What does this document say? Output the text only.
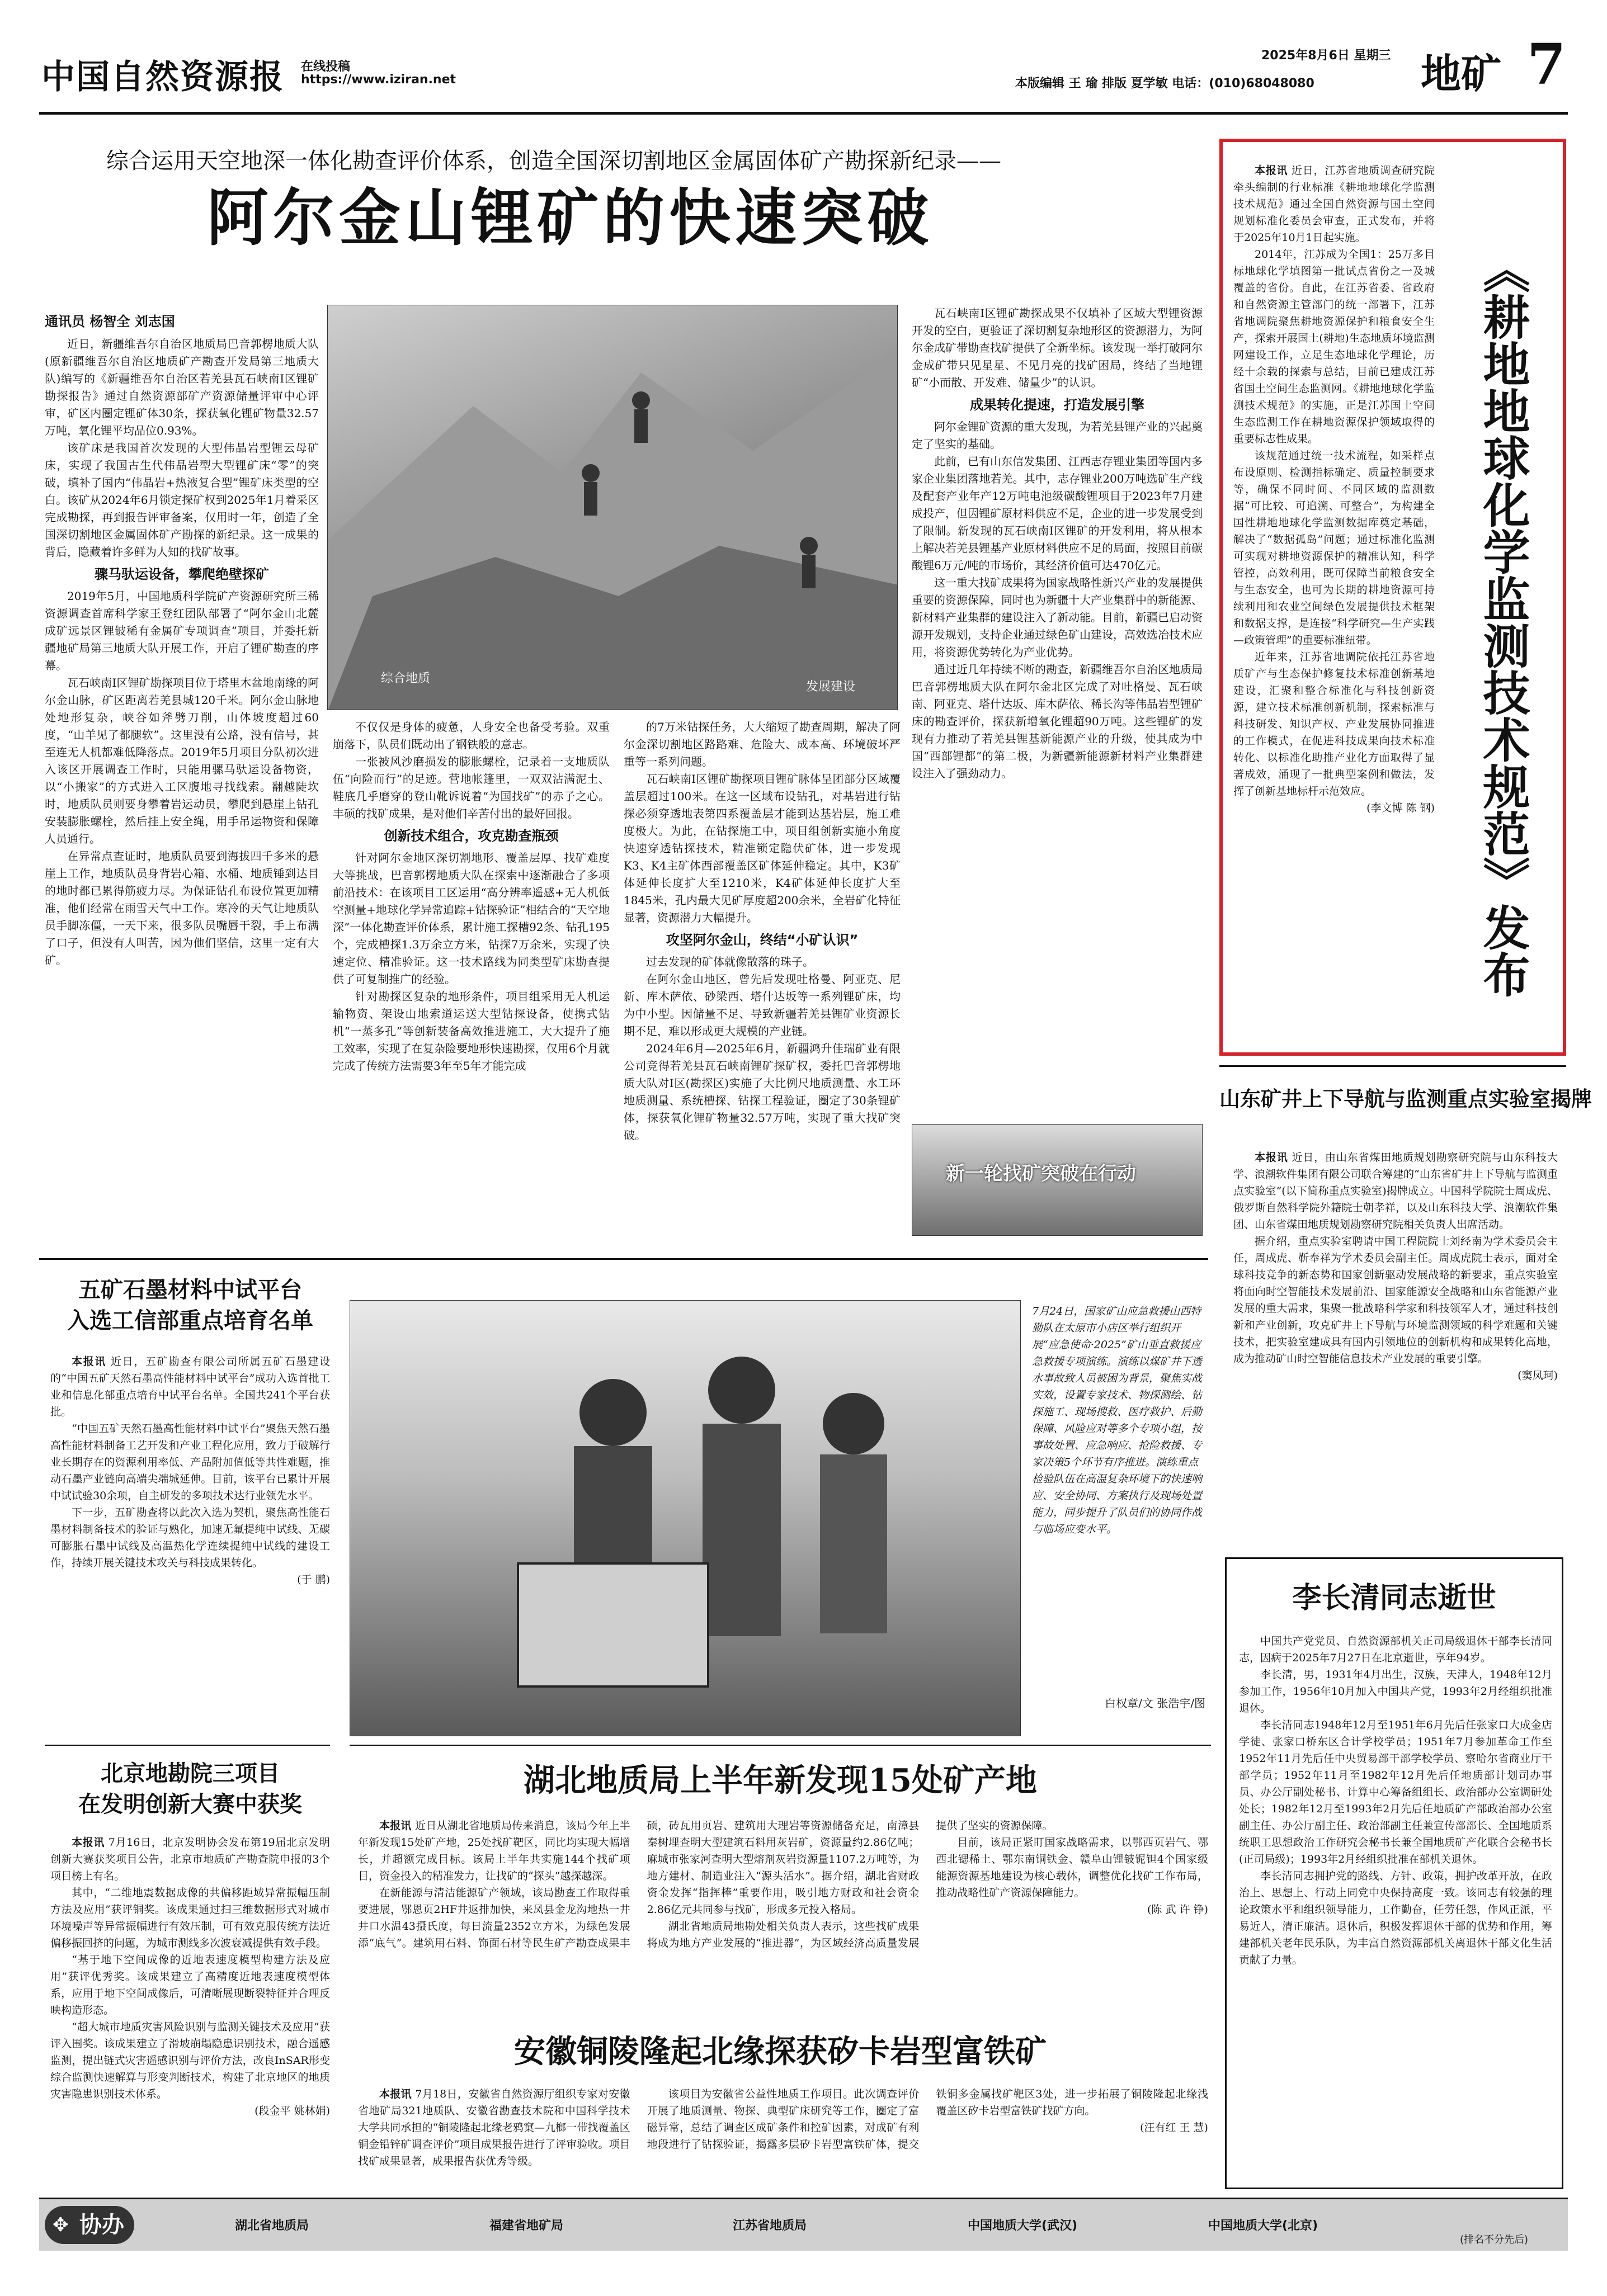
中国自然资源报 在线投稿
https://www.iziran.net
2025年8月6日 星期三
本版编辑 王 瑜 排版 夏学敏 电话：(010)68048080	地矿 7
综合运用天空地深一体化勘查评价体系，创造全国深切割地区金属固体矿产勘探新纪录——
阿尔金山锂矿的快速突破
通讯员 杨智全 刘志国
综合地质
发展建设

近日，新疆维吾尔自治区地质局巴音郭楞地质大队(原新疆维吾尔自治区地质矿产勘查开发局第三地质大队)编写的《新疆维吾尔自治区若羌县瓦石峡南Ⅰ区锂矿勘探报告》通过自然资源部矿产资源储量评审中心评审，矿区内圈定锂矿体30条，探获氧化锂矿物量32.57万吨，氧化锂平均品位0.93%。

该矿床是我国首次发现的大型伟晶岩型锂云母矿床，实现了我国古生代伟晶岩型大型锂矿床“零”的突破，填补了国内“伟晶岩+热液复合型”锂矿床类型的空白。该矿从2024年6月锁定探矿权到2025年1月着采区完成勘探，再到报告评审备案，仅用时一年，创造了全国深切割地区金属固体矿产勘探的新纪录。这一成果的背后，隐藏着许多鲜为人知的找矿故事。

骤马驮运设备，攀爬绝壁探矿

2019年5月，中国地质科学院矿产资源研究所三稀资源调查首席科学家王登红团队部署了“阿尔金山北麓成矿远景区锂铍稀有金属矿专项调查”项目，并委托新疆地矿局第三地质大队开展工作，开启了锂矿勘查的序幕。

瓦石峡南Ⅰ区锂矿勘探项目位于塔里木盆地南缘的阿尔金山脉，矿区距离若羌县城120千米。阿尔金山脉地处地形复杂，峡谷如斧劈刀削，山体坡度超过60度，“山羊见了都腿软”。这里没有公路，没有信号，甚至连无人机都难低降落点。2019年5月项目分队初次进入该区开展调查工作时，只能用骡马驮运设备物资，以“小搬家”的方式进入工区腹地寻找线索。翻越陡坎时，地质队员则要身攀着岩运动员，攀爬到悬崖上钻孔安装膨胀螺栓，然后挂上安全绳，用手吊运物资和保障人员通行。

在异常点查证时，地质队员要到海拔四千多米的悬崖上工作，地质队员身背岩心箱、水桶、地质锤到达目的地时都已累得筋疲力尽。为保证钻孔布设位置更加精准，他们经常在雨雪天气中工作。寒冷的天气让地质队员手脚冻僵，一天下来，很多队员嘴唇干裂，手上布满了口子，但没有人叫苦，因为他们坚信，这里一定有大矿。

不仅仅是身体的疲惫，人身安全也备受考验。双重崩落下，队员们既动出了钢铁般的意志。

一张被风沙磨损发的膨胀螺栓，记录着一支地质队伍“向险而行”的足迹。营地帐篷里，一双双沾满泥土、鞋底几乎磨穿的登山靴诉说着“为国找矿”的赤子之心。丰硕的找矿成果，是对他们辛苦付出的最好回报。

创新技术组合，攻克勘查瓶颈

针对阿尔金地区深切割地形、覆盖层厚、找矿难度大等挑战，巴音郭楞地质大队在探索中逐渐融合了多项前沿技术：在该项目工区运用“高分辨率遥感+无人机低空测量+地球化学异常追踪+钻探验证”相结合的“天空地深”一体化勘查评价体系，累计施工探槽92条、钻孔195个，完成槽探1.3万余立方米，钻探7万余米，实现了快速定位、精准验证。这一技术路线为同类型矿床勘查提供了可复制推广的经验。

针对勘探区复杂的地形条件，项目组采用无人机运输物资、架设山地索道运送大型钻探设备，使携式钻机“一蒸多孔”等创新装备高效推进施工，大大提升了施工效率，实现了在复杂险要地形快速勘探，仅用6个月就完成了传统方法需要3年至5年才能完成

的7万米钻探任务，大大缩短了勘查周期，解决了阿尔金深切割地区路路难、危险大、成本高、环境破坏严重等一系列问题。

瓦石峡南Ⅰ区锂矿勘探项目锂矿脉体呈团部分区域覆盖层超过100米。在这一区域布设钻孔，对基岩进行钻探必须穿透地表第四系覆盖层才能到达基岩层，施工难度极大。为此，在钻探施工中，项目组创新实施小角度快速穿透钻探技术，精准锁定隐伏矿体，进一步发现K3、K4主矿体西部覆盖区矿体延伸稳定。其中，K3矿体延伸长度扩大至1210米，K4矿体延伸长度扩大至1845米，孔内最大见矿厚度超200余米，全岩矿化特征显著，资源潜力大幅提升。

攻坚阿尔金山，终结“小矿认识”

过去发现的矿体就像散落的珠子。

在阿尔金山地区，曾先后发现吐格曼、阿亚克、尼新、库木萨依、砂梁西、塔什达坂等一系列锂矿床，均为中小型。因储量不足、导致新疆若羌县锂矿业资源长期不足，难以形成更大规模的产业链。

2024年6月—2025年6月，新疆鸿升佳瑞矿业有限公司竞得若羌县瓦石峡南锂矿探矿权，委托巴音郭楞地质大队对Ⅰ区(勘探区)实施了大比例尺地质测量、水工环地质测量、系统槽探、钻探工程验证，圈定了30条锂矿体，探获氧化锂矿物量32.57万吨，实现了重大找矿突破。

瓦石峡南Ⅰ区锂矿勘探成果不仅填补了区域大型锂资源开发的空白，更验证了深切割复杂地形区的资源潜力，为阿尔金成矿带勘查找矿提供了全新坐标。该发现一举打破阿尔金成矿带只见星星、不见月亮的找矿困局，终结了当地锂矿“小而散、开发难、储量少”的认识。

成果转化提速，打造发展引擎

阿尔金锂矿资源的重大发现，为若羌县锂产业的兴起奠定了坚实的基础。

此前，已有山东信发集团、江西志存锂业集团等国内多家企业集团落地若羌。其中，志存锂业200万吨选矿生产线及配套产业年产12万吨电池级碳酸锂项目于2023年7月建成投产，但因锂矿原材料供应不足，企业的进一步发展受到了限制。新发现的瓦石峡南Ⅰ区锂矿的开发利用，将从根本上解决若羌县锂基产业原材料供应不足的局面，按照目前碳酸锂6万元/吨的市场价，其经济价值可达470亿元。

这一重大找矿成果将为国家战略性新兴产业的发展提供重要的资源保障，同时也为新疆十大产业集群中的新能源、新材料产业集群的建设注入了新动能。目前，新疆已启动资源开发规划，支持企业通过绿色矿山建设，高效选冶技术应用，将资源优势转化为产业优势。

通过近几年持续不断的勘查，新疆维吾尔自治区地质局巴音郭楞地质大队在阿尔金北区完成了对吐格曼、瓦石峡南、阿亚克、塔什达坂、库木萨依、稀长沟等伟晶岩型锂矿床的勘查评价，探获新增氧化锂超90万吨。这些锂矿的发现有力推动了若羌县锂基新能源产业的升级，使其成为中国“西部锂都”的第二极，为新疆新能源新材料产业集群建设注入了强劲动力。

新一轮找矿突破在行动

本报讯 近日，江苏省地质调查研究院牵头编制的行业标准《耕地地球化学监测技术规范》通过全国自然资源与国土空间规划标准化委员会审查，正式发布，并将于2025年10月1日起实施。

2014年，江苏成为全国1：25万多目标地球化学填图第一批试点省份之一及城覆盖的省份。自此，在江苏省委、省政府和自然资源主管部门的统一部署下，江苏省地调院聚焦耕地资源保护和粮食安全生产，探索开展国土(耕地)生态地质环境监测网建设工作，立足生态地球化学理论，历经十余载的探索与总结，目前已建成江苏省国土空间生态监测网。《耕地地球化学监测技术规范》的实施，正是江苏国土空间生态监测工作在耕地资源保护领域取得的重要标志性成果。

该规范通过统一技术流程，如采样点布设原则、检测指标确定、质量控制要求等，确保不同时间、不同区域的监测数据“可比较、可追溯、可整合”，为构建全国性耕地地球化学监测数据库奠定基础，解决了“数据孤岛”问题；通过标准化监测可实现对耕地资源保护的精准认知，科学管控，高效利用，既可保障当前粮食安全与生态安全，也可为长期的耕地资源可持续利用和农业空间绿色发展提供技术框架和数据支撑，是连接“科学研究—生产实践—政策管理”的重要标准纽带。

近年来，江苏省地调院依托江苏省地质矿产与生态保护修复技术标准创新基地建设，汇聚和整合标准化与科技创新资源，建立技术标准创新机制，探索标准与科技研发、知识产权、产业发展协同推进的工作模式，在促进科技成果向技术标准转化、以标准化助推产业化方面取得了显著成效，涌现了一批典型案例和做法，发挥了创新基地标杆示范效应。

(李文博 陈 钢) 《耕地地球化学监测技术规范》发布
山东矿井上下导航与监测重点实验室揭牌

本报讯 近日，由山东省煤田地质规划勘察研究院与山东科技大学、浪潮软件集团有限公司联合筹建的“山东省矿井上下导航与监测重点实验室”(以下简称重点实验室)揭牌成立。中国科学院院士周成虎、俄罗斯自然科学院外籍院士朝孝祥，以及山东科技大学、浪潮软件集团、山东省煤田地质规划勘察研究院相关负责人出席活动。

据介绍，重点实验室聘请中国工程院院士刘经南为学术委员会主任，周成虎、靳奉祥为学术委员会副主任。周成虎院士表示，面对全球科技竞争的新态势和国家创新驱动发展战略的新要求，重点实验室将面向时空智能技术发展前沿、国家能源安全战略和山东省能源产业发展的重大需求，集聚一批战略科学家和科技领军人才，通过科技创新和产业创新，攻克矿井上下导航与环境监测领域的科学难题和关键技术，把实验室建成具有国内引领地位的创新机构和成果转化高地，成为推动矿山时空智能信息技术产业发展的重要引擎。

(窦凤珂)

李长清同志逝世

中国共产党党员、自然资源部机关正司局级退休干部李长清同志，因病于2025年7月27日在北京逝世，享年94岁。

李长清，男，1931年4月出生，汉族，天津人，1948年12月参加工作，1956年10月加入中国共产党，1993年2月经组织批准退休。

李长清同志1948年12月至1951年6月先后任张家口大成金店学徒、张家口桥东区合计学校学员；1951年7月参加革命工作至1952年11月先后任中央贸易部干部学校学员、察哈尔省商业厅干部学员；1952年11月至1982年12月先后任地质部计划司办事员、办公厅副处秘书、计算中心筹备组组长、政治部办公室调研处处长；1982年12月至1993年2月先后任地质矿产部政治部办公室副主任、办公厅副主任、政治部副主任兼宣传部部长、全国地质系统职工思想政治工作研究会秘书长兼全国地质矿产化联合会秘书长(正司局级)；1993年2月经组织批准在部机关退休。

李长清同志拥护党的路线、方针、政策，拥护改革开放，在政治上、思想上、行动上同党中央保持高度一致。该同志有较强的理论政策水平和组织领导能力，工作勤奋，任劳任怨，作风正派，平易近人，清正廉洁。退休后，积极发挥退休干部的优势和作用，筹建部机关老年民乐队，为丰富自然资源部机关离退休干部文化生活贡献了力量。

五矿石墨材料中试平台
入选工信部重点培育名单

本报讯 近日，五矿勘查有限公司所属五矿石墨建设的“中国五矿天然石墨高性能材料中试平台”成功入选首批工业和信息化部重点培育中试平台名单。全国共241个平台获批。

“中国五矿天然石墨高性能材料中试平台”聚焦天然石墨高性能材料制备工艺开发和产业工程化应用，致力于破解行业长期存在的资源利用率低、产品附加值低等共性难题，推动石墨产业链向高端尖端城延伸。目前，该平台已累计开展中试试验30余项，自主研发的多项技术达行业领先水平。

下一步，五矿勘查将以此次入选为契机，聚焦高性能石墨材料制备技术的验证与熟化，加速无氟提纯中试线、无碳可膨胀石墨中试线及高温热化学连续提纯中试线的建设工作，持续开展关键技术攻关与科技成果转化。

(于 鹏)

北京地勘院三项目
在发明创新大赛中获奖

本报讯 7月16日，北京发明协会发布第19届北京发明创新大赛获奖项目公告，北京市地质矿产勘查院申报的3个项目榜上有名。

其中，“二维地震数据成像的共偏移距域异常振幅压制方法及应用”获评铜奖。该成果通过扫三维数据形式对城市环境噪声等异常振幅进行有效压制，可有效克服传统方法近偏移振回挤的问题，为城市测线多次波衰减提供有效手段。

“基于地下空间成像的近地表速度模型构建方法及应用”获评优秀奖。该成果建立了高精度近地表速度模型体系，应用于地下空间成像后，可清晰展现断裂特征并合理反映构造形态。

“超大城市地质灾害风险识别与监测关键技术及应用”获评入围奖。该成果建立了滑坡崩塌隐患识别技术，融合遥感监测，提出链式灾害遥感识别与评价方法，改良InSAR形变综合监测快速解算与形变判断技术，构建了北京地区的地质灾害隐患识别技术体系。

(段金平 姚林娟)

7月24日，国家矿山应急救援山西特勤队在太原市小店区举行组织开展“应急使命·2025”矿山垂直救援应急救援专项演练。演练以煤矿井下透水事故致人员被困为背景，聚焦实战实效，设置专家技术、物探测绘、钻探施工、现场搜救、医疗救护、后勤保障、风险应对等多个专项小组，按事故处置、应急响应、抢险救援、专家决策5个环节有序推进。演练重点检验队伍在高温复杂环境下的快速响应、安全协同、方案执行及现场处置能力，同步提升了队员们的协同作战与临场应变水平。
白权章/文 张浩宇/图
湖北地质局上半年新发现15处矿产地

本报讯 近日从湖北省地质局传来消息，该局今年上半年新发现15处矿产地，25处找矿靶区，同比均实现大幅增长，并超额完成目标。该局上半年共实施144个找矿项目，资金投入的精准发力，让找矿的“探头”越探越深。

在新能源与清洁能源矿产领域，该局勘查工作取得重要进展，鄂恩页2HF井返排加快，来凤县金龙沟地热一井井口水温43摄氏度，每日流量2352立方米，为绿色发展添“底气”。建筑用石料、饰面石材等民生矿产勘查成果丰硕，砖瓦用页岩、建筑用大理岩等资源储备充足，南漳县秦树埋查明大型建筑石料用灰岩矿，资源量约2.86亿吨；麻城市张家河查明大型熔剂灰岩资源量1107.2万吨等，为地方建材、制造业注入“源头活水”。据介绍，湖北省财政资金发挥“指挥棒”重要作用，吸引地方财政和社会资金2.86亿元共同参与找矿，形成多元投入格局。

湖北省地质局地勘处相关负责人表示，这些找矿成果将成为地方产业发展的“推进器”，为区域经济高质量发展提供了坚实的资源保障。

目前，该局正紧盯国家战略需求，以鄂西页岩气、鄂西北锶稀土、鄂东南铜铁金、赣阜山锂铍铌钽4个国家级能源资源基地建设为核心载体，调整优化找矿工作布局，推动战略性矿产资源保障能力。

(陈 武 许 铮)

安徽铜陵隆起北缘探获矽卡岩型富铁矿

本报讯 7月18日，安徽省自然资源厅组织专家对安徽省地矿局321地质队、安徽省勘查技术院和中国科学技术大学共同承担的“铜陵隆起北缘老鸦窠—九榔一带找覆盖区铜金铅锌矿调查评价”项目成果报告进行了评审验收。项目找矿成果显著，成果报告获优秀等级。

该项目为安徽省公益性地质工作项目。此次调查评价开展了地质测量、物探、典型矿床研究等工作，圈定了富磁异常，总结了调查区成矿条件和控矿因素，对成矿有利地段进行了钻探验证，揭露多层矽卡岩型富铁矿体，提交铁铜多金属找矿靶区3处，进一步拓展了铜陵隆起北缘浅覆盖区矽卡岩型富铁矿找矿方向。

(汪有红 王 慧)

✥ 协办	湖北省地质局	福建省地矿局	江苏省地质局	中国地质大学(武汉)	中国地质大学(北京)
(排名不分先后)
